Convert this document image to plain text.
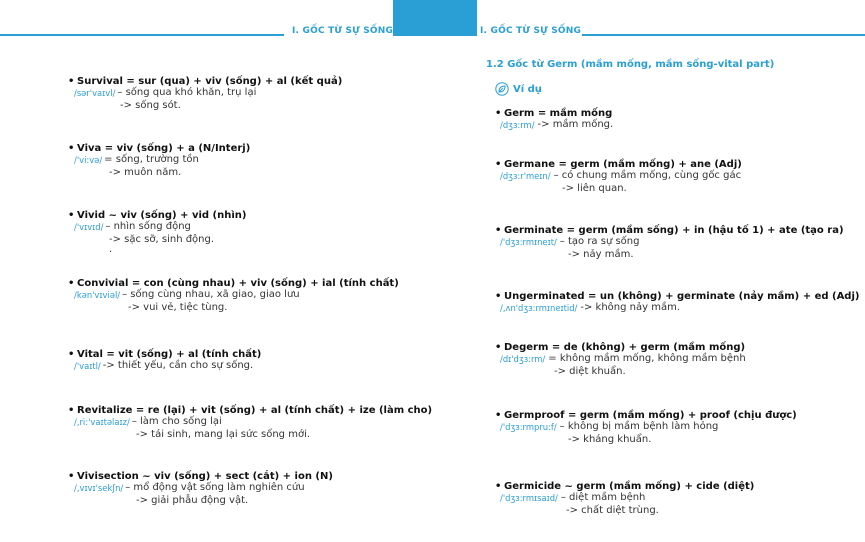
I. GỐC TỪ SỰ SỐNG	I. GỐC TỪ SỰ SỐNG
1.2 Gốc từ Germ (mầm mống, mầm sống-vital part)
Ví dụ
• Survival = sur (qua) + viv (sống) + al (kết quả)
/sər'vaɪvl/ – sống qua khó khăn, trụ lại
-> sống sót.
• Viva = viv (sống) + a (N/Interj)
/'vi:və/ = sống, trường tồn
-> muôn năm.
• Vivid ~ viv (sống) + vid (nhìn)
/'vɪvɪd/ – nhìn sống động
-> sặc sỡ, sinh động.
.
• Convivial = con (cùng nhau) + viv (sống) + ial (tính chất)
/kən'vɪviəl/ – sống cùng nhau, xã giao, giao lưu
-> vui vẻ, tiệc tùng.
• Vital = vit (sống) + al (tính chất)
/'vaɪtl/ -> thiết yếu, cần cho sự sống.
• Revitalize = re (lại) + vit (sống) + al (tính chất) + ize (làm cho)
/,ri:'vaɪtəlaɪz/ – làm cho sống lại
-> tái sinh, mang lại sức sống mới.
• Vivisection ~ viv (sống) + sect (cắt) + ion (N)
/,vɪvɪ'sekʃn/ – mổ động vật sống làm nghiên cứu
-> giải phẫu động vật.
• Germ = mầm mống
/dʒɜ:rm/ -> mầm mống.
• Germane = germ (mầm mống) + ane (Adj)
/dʒɜ:r'meɪn/ – có chung mầm mống, cùng gốc gác
-> liên quan.
• Germinate = germ (mầm sống) + in (hậu tố 1) + ate (tạo ra)
/'dʒɜ:rmɪneɪt/ – tạo ra sự sống
-> nảy mầm.
• Ungerminated = un (không) + germinate (nảy mầm) + ed (Adj)
/,ʌn'dʒɜ:rmɪneɪtid/ -> không nảy mầm.
• Degerm = de (không) + germ (mầm mống)
/dɪ'dʒɜ:rm/ = không mầm mống, không mầm bệnh
-> diệt khuẩn.
• Germproof = germ (mầm mống) + proof (chịu được)
/'dʒɜ:rmpru:f/ – không bị mầm bệnh làm hỏng
-> kháng khuẩn.
• Germicide ~ germ (mầm mống) + cide (diệt)
/'dʒɜ:rmɪsaɪd/ – diệt mầm bệnh
-> chất diệt trùng.
